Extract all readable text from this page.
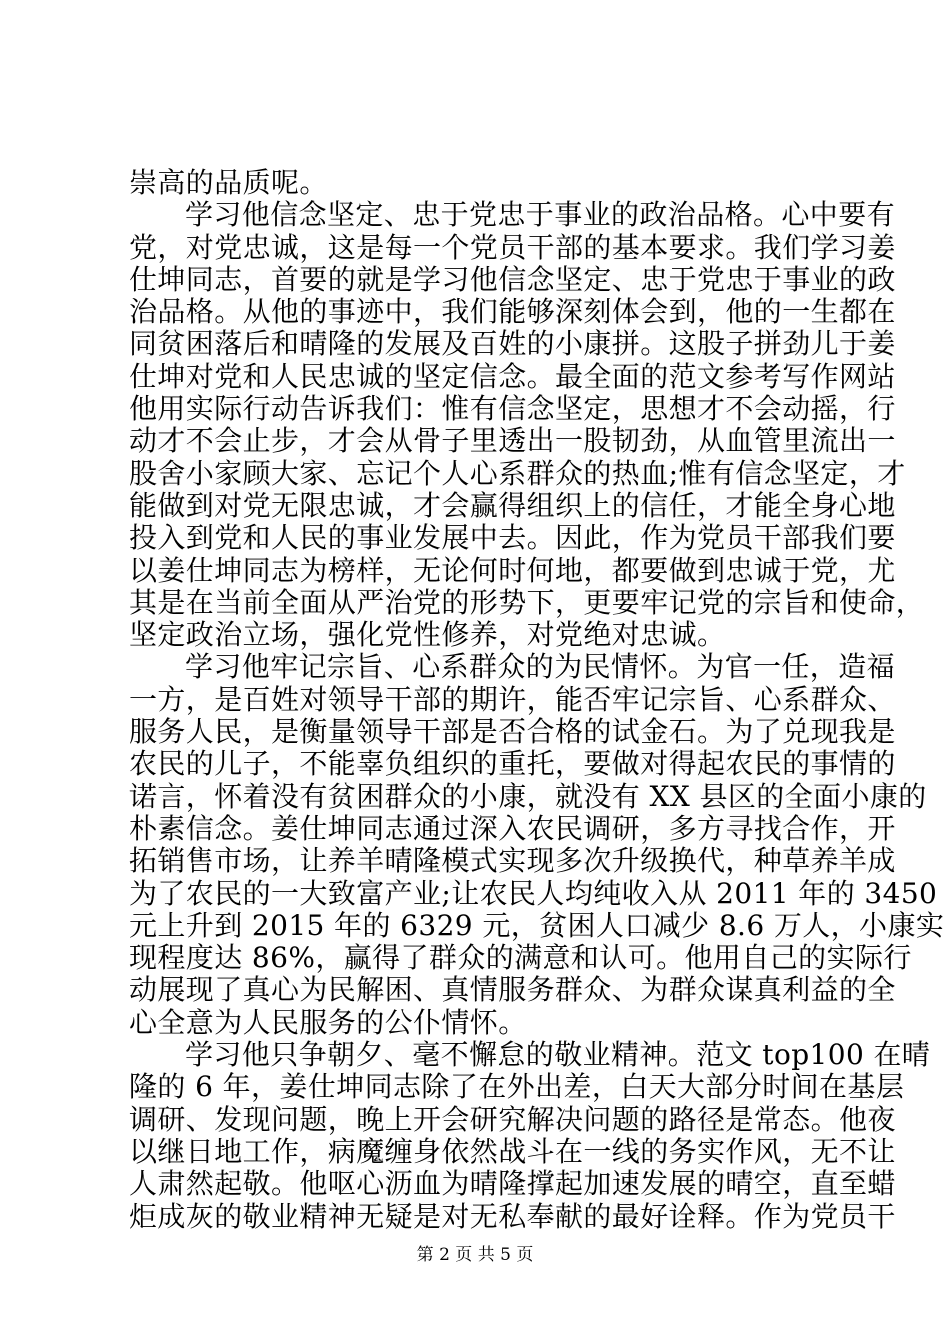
崇高的品质呢。
学习他信念坚定、忠于党忠于事业的政治品格。心中要有
党，对党忠诚，这是每一个党员干部的基本要求。我们学习姜
仕坤同志，首要的就是学习他信念坚定、忠于党忠于事业的政
治品格。从他的事迹中，我们能够深刻体会到，他的一生都在
同贫困落后和晴隆的发展及百姓的小康拼。这股子拼劲儿于姜
仕坤对党和人民忠诚的坚定信念。最全面的范文参考写作网站
他用实际行动告诉我们：惟有信念坚定，思想才不会动摇，行
动才不会止步，才会从骨子里透出一股韧劲，从血管里流出一
股舍小家顾大家、忘记个人心系群众的热血;惟有信念坚定，才
能做到对党无限忠诚，才会赢得组织上的信任，才能全身心地
投入到党和人民的事业发展中去。因此，作为党员干部我们要
以姜仕坤同志为榜样，无论何时何地，都要做到忠诚于党，尤
其是在当前全面从严治党的形势下，更要牢记党的宗旨和使命，
坚定政治立场，强化党性修养，对党绝对忠诚。
学习他牢记宗旨、心系群众的为民情怀。为官一任，造福
一方，是百姓对领导干部的期许，能否牢记宗旨、心系群众、
服务人民，是衡量领导干部是否合格的试金石。为了兑现我是
农民的儿子，不能辜负组织的重托，要做对得起农民的事情的
诺言，怀着没有贫困群众的小康，就没有 XX 县区的全面小康的
朴素信念。姜仕坤同志通过深入农民调研，多方寻找合作，开
拓销售市场，让养羊晴隆模式实现多次升级换代，种草养羊成
为了农民的一大致富产业;让农民人均纯收入从 2011 年的 3450
元上升到 2015 年的 6329 元，贫困人口减少 8.6 万人，小康实
现程度达 86%，赢得了群众的满意和认可。他用自己的实际行
动展现了真心为民解困、真情服务群众、为群众谋真利益的全
心全意为人民服务的公仆情怀。
学习他只争朝夕、毫不懈怠的敬业精神。范文 top100 在晴
隆的 6 年，姜仕坤同志除了在外出差，白天大部分时间在基层
调研、发现问题，晚上开会研究解决问题的路径是常态。他夜
以继日地工作，病魔缠身依然战斗在一线的务实作风，无不让
人肃然起敬。他呕心沥血为晴隆撑起加速发展的晴空，直至蜡
炬成灰的敬业精神无疑是对无私奉献的最好诠释。作为党员干
第 2 页 共 5 页
